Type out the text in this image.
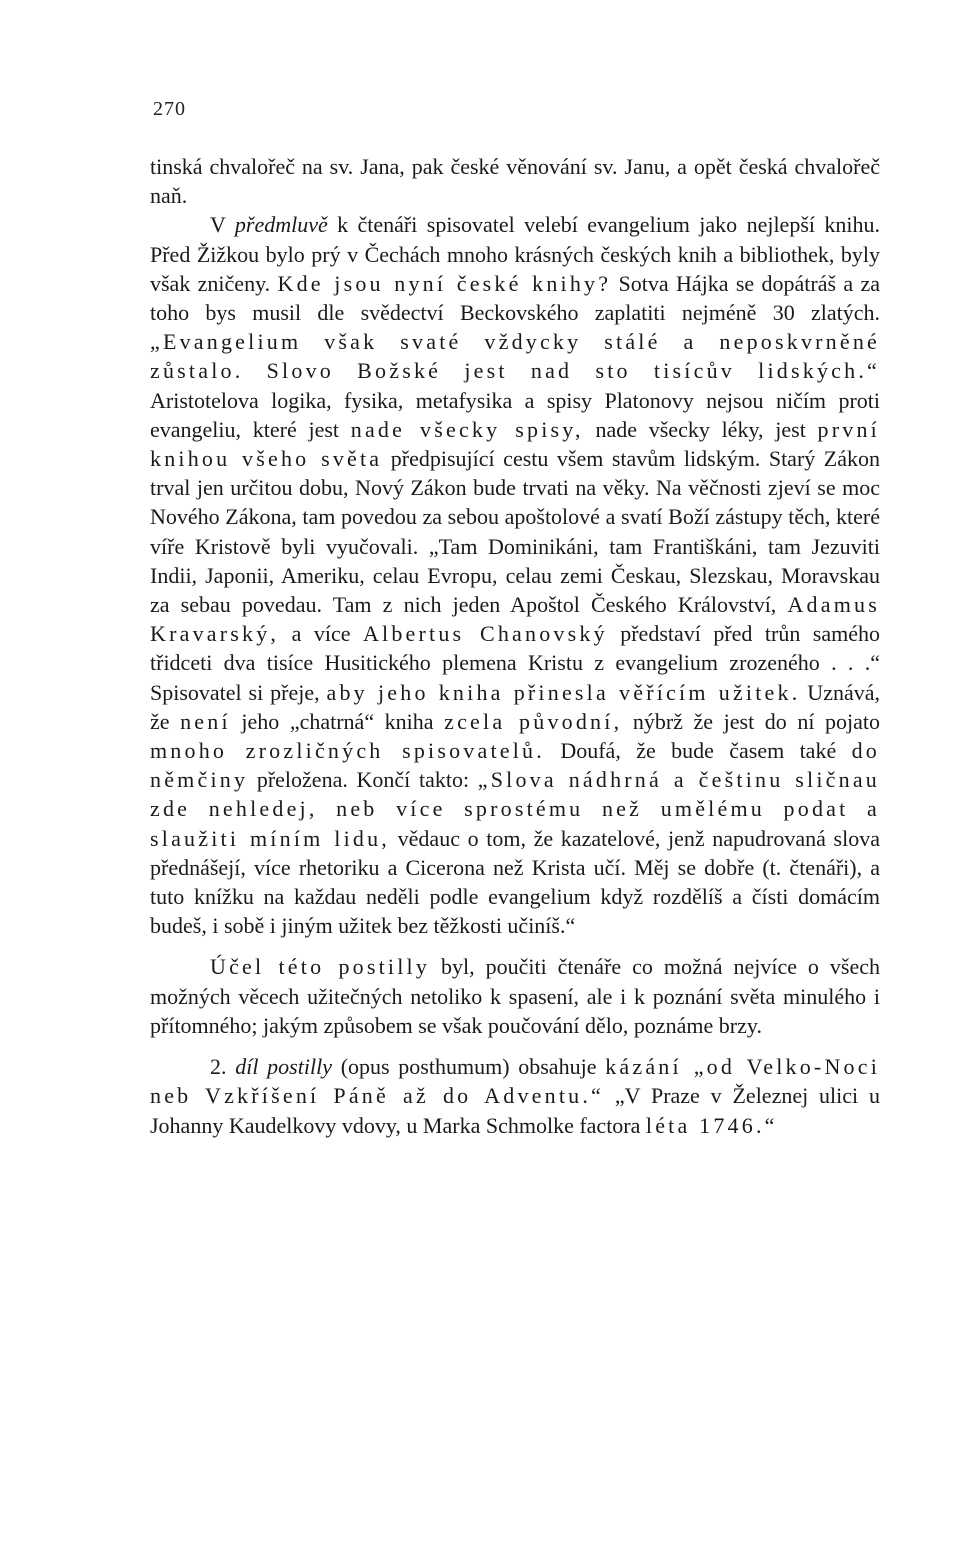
tinská chvalořeč na sv. Jana, pak české věnování sv. Janu, a opět česká chvalořeč naň.

V předmluvě k čtenáři spisovatel velebí evangelium jako nejlepší knihu. Před Žižkou bylo prý v Čechách mnoho krásných českých knih a bibliothek, byly však zničeny. Kde jsou nyní české knihy? Sotva Hájka se dopátráš a za toho bys musil dle svědectví Beckovského zaplatiti nejméně 30 zlatých. „Evangelium však svaté vždycky stálé a neposkvrněné zůstalo. Slovo Božské jest nad sto tisícův lidských.“ Aristotelova logika, fysika, metafysika a spisy Platonovy nejsou ničím proti evangeliu, které jest nade všecky spisy, nade všecky léky, jest první knihou všeho světa předpisující cestu všem stavům lidským. Starý Zákon trval jen určitou dobu, Nový Zákon bude trvati na věky. Na věčnosti zjeví se moc Nového Zákona, tam povedou za sebou apoštolové a svatí Boží zástupy těch, které víře Kristově byli vyučovali. „Tam Dominikáni, tam Františkáni, tam Jezuviti Indii, Japonii, Ameriku, celau Evropu, celau zemi Českau, Slezskau, Moravskau za sebau povedau. Tam z nich jeden Apoštol Českého Království, Adamus Kravarský, a více Albertus Chanovský představí před trůn samého třidceti dva tisíce Husitického plemena Kristu z evangelium zrozeného . . .“ Spisovatel si přeje, aby jeho kniha přinesla věřícím užitek. Uznává, že není jeho „chatrná“ kniha zcela původní, nýbrž že jest do ní pojato mnoho zrozličných spisovatelů. Doufá, že bude časem také do němčiny přeložena. Končí takto: „Slova nádhrná a češtinu sličnau zde nehledej, neb více sprostému než umělému podat a slaužiti míním lidu, vědauc o tom, že kazatelové, jenž napudrovaná slova přednášejí, více rhetoriku a Cicerona než Krista učí. Měj se dobře (t. čtenáři), a tuto knížku na každau neděli podle evangelium když rozdělíš a čísti domácím budeš, i sobě i jiným užitek bez těžkosti učiníš.“

Účel této postilly byl, poučiti čtenáře co možná nejvíce o všech možných věcech užitečných netoliko k spasení, ale i k poznání světa minulého i přítomného; jakým způsobem se však poučování dělo, poznáme brzy.

2. díl postilly (opus posthumum) obsahuje kázání „od Velko-Noci neb Vzkříšení Páně až do Adventu.“ „V Praze v Železnej ulici u Johanny Kaudelkovy vdovy, u Marka Schmolke factora léta 1746.“

270
